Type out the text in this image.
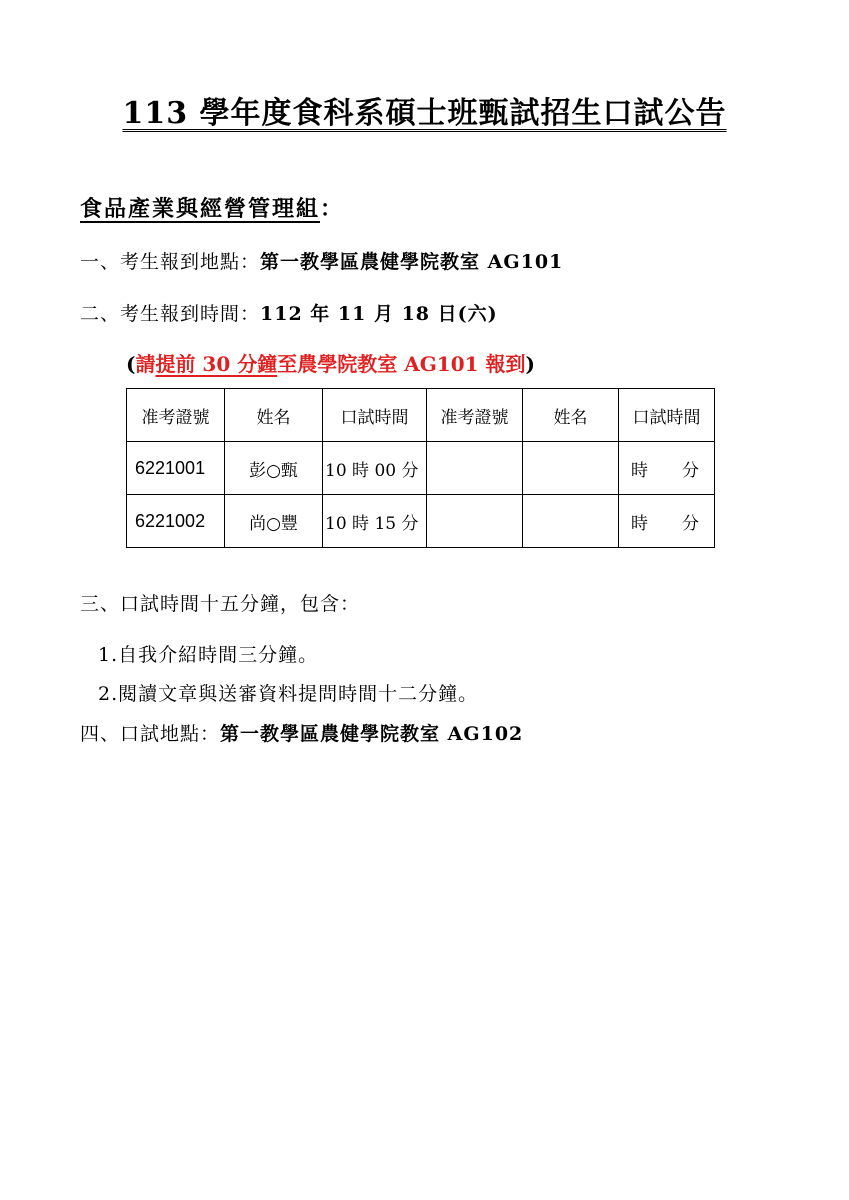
113 學年度食科系碩士班甄試招生口試公告
食品產業與經營管理組：
一、考生報到地點：第一教學區農健學院教室 AG101
二、考生報到時間：112 年 11 月 18 日(六)
(請提前 30 分鐘至農學院教室 AG101 報到)
准考證號	姓名	口試時間	准考證號	姓名	口試時間
6221001	彭○甄	10 時 00 分			時　　分
6221002	尚○豐	10 時 15 分			時　　分
三、口試時間十五分鐘，包含：
1.自我介紹時間三分鐘。
2.閱讀文章與送審資料提問時間十二分鐘。
四、口試地點：第一教學區農健學院教室 AG102
